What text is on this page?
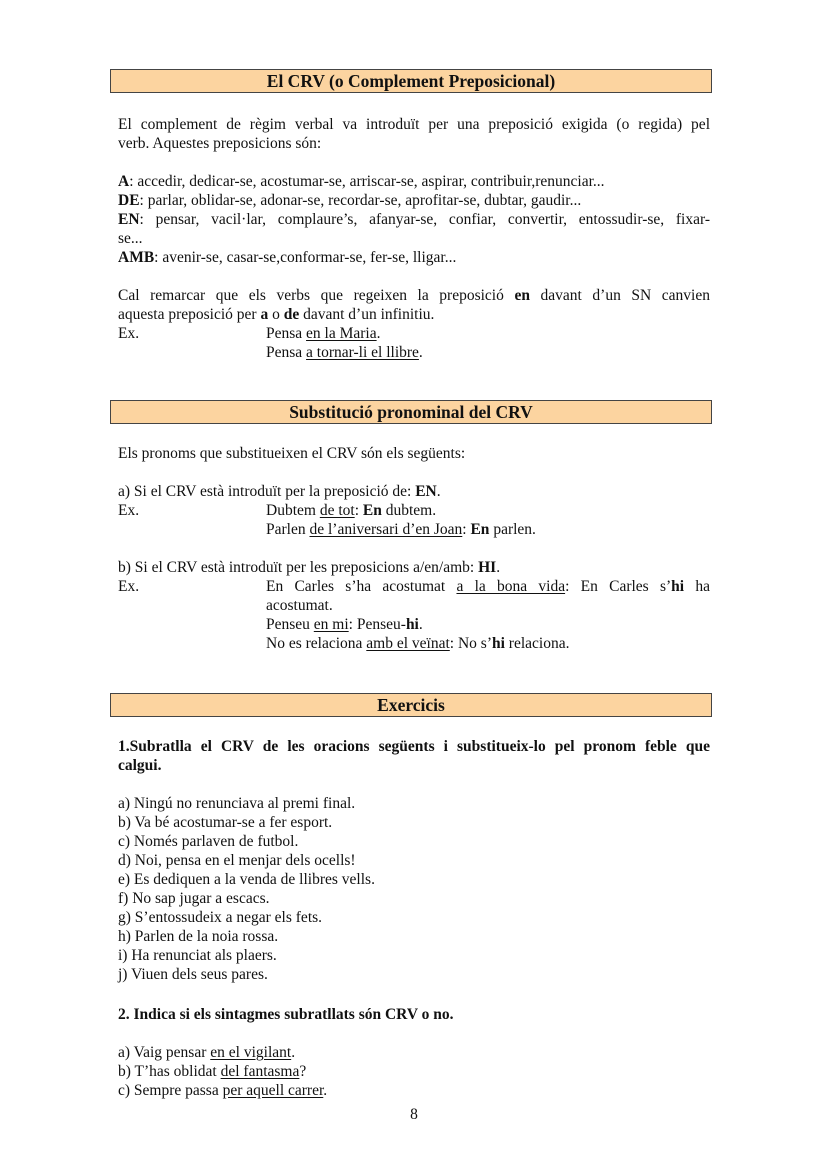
El CRV (o Complement Preposicional)
El complement de règim verbal va introduït per una preposició exigida (o regida) pel
verb. Aquestes preposicions són:
A: accedir, dedicar-se, acostumar-se, arriscar-se, aspirar, contribuir,renunciar...
DE: parlar, oblidar-se, adonar-se, recordar-se, aprofitar-se, dubtar, gaudir...
EN: pensar, vacil·lar, complaure’s, afanyar-se, confiar, convertir, entossudir-se, fixar-
se...
AMB: avenir-se, casar-se,conformar-se, fer-se, lligar...
Cal remarcar que els verbs que regeixen la preposició en davant d’un SN canvien
aquesta preposició per a o de davant d’un infinitiu.
Ex.	Pensa en la Maria.
Pensa a tornar-li el llibre.
Substitució pronominal del CRV
Els pronoms que substitueixen el CRV són els següents:
a) Si el CRV està introduït per la preposició de: EN.
Ex.	Dubtem de tot: En dubtem.
Parlen de l’aniversari d’en Joan: En parlen.
b) Si el CRV està introduït per les preposicions a/en/amb: HI.
Ex.	En Carles s’ha acostumat a la bona vida: En Carles s’hi ha
acostumat.
Penseu en mi: Penseu-hi.
No es relaciona amb el veïnat: No s’hi relaciona.
Exercicis
1.Subratlla el CRV de les oracions següents i substitueix-lo pel pronom feble que
calgui.
a) Ningú no renunciava al premi final.
b) Va bé acostumar-se a fer esport.
c) Només parlaven de futbol.
d) Noi, pensa en el menjar dels ocells!
e) Es dediquen a la venda de llibres vells.
f) No sap jugar a escacs.
g) S’entossudeix a negar els fets.
h) Parlen de la noia rossa.
i) Ha renunciat als plaers.
j) Viuen dels seus pares.
2. Indica si els sintagmes subratllats són CRV o no.
a) Vaig pensar en el vigilant.
b) T’has oblidat del fantasma?
c) Sempre passa per aquell carrer.
8
